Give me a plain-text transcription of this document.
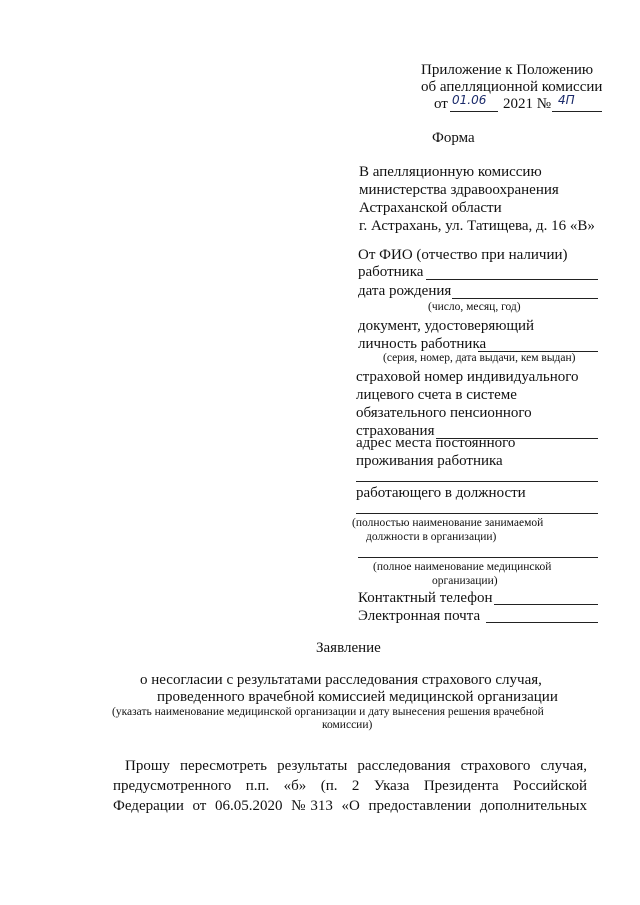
Приложение к Положению
об апелляционной комиссии
от 01.06 2021 № 4П
Форма
В апелляционную комиссию
министерства здравоохранения
Астраханской области
г. Астрахань, ул. Татищева, д. 16 «В»
От ФИО (отчество при наличии)
работника
дата рождения
(число, месяц, год)
документ, удостоверяющий
личность работника
(серия, номер, дата выдачи, кем выдан)
страховой номер индивидуального
лицевого счета в системе
обязательного пенсионного
страхования
адрес места постоянного
проживания работника
работающего в должности
(полностью наименование занимаемой
должности в организации)
(полное наименование медицинской
организации)
Контактный телефон
Электронная почта
Заявление
о несогласии с результатами расследования страхового случая,
проведенного врачебной комиссией медицинской организации
(указать наименование медицинской организации и дату вынесения решения врачебной
комиссии)
Прошу пересмотреть результаты расследования страхового случая,
предусмотренного п.п. «б» (п. 2 Указа Президента Российской
Федерации от 06.05.2020 №313 «О предоставлении дополнительных
